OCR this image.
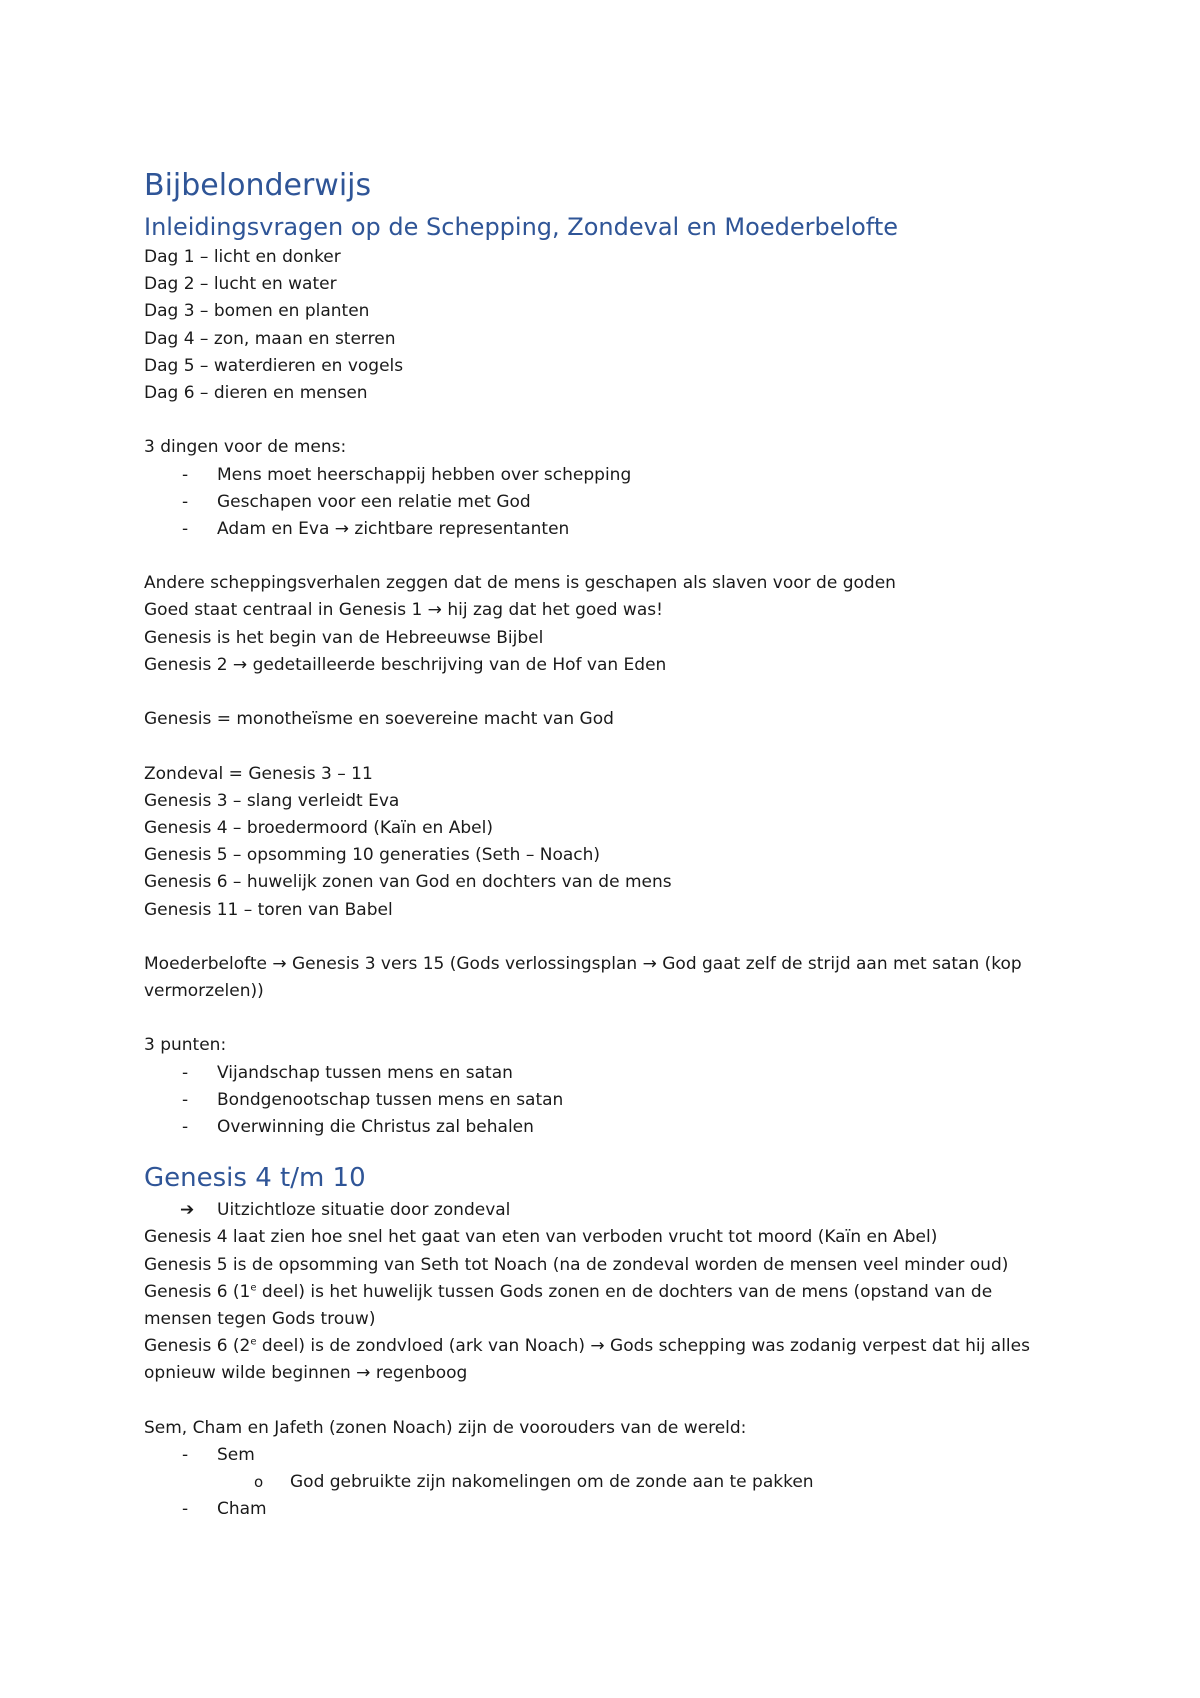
Bijbelonderwijs
Inleidingsvragen op de Schepping, Zondeval en Moederbelofte
Dag 1 – licht en donker
Dag 2 – lucht en water
Dag 3 – bomen en planten
Dag 4 – zon, maan en sterren
Dag 5 – waterdieren en vogels
Dag 6 – dieren en mensen
3 dingen voor de mens:
- Mens moet heerschappij hebben over schepping
- Geschapen voor een relatie met God
- Adam en Eva → zichtbare representanten
Andere scheppingsverhalen zeggen dat de mens is geschapen als slaven voor de goden
Goed staat centraal in Genesis 1 → hij zag dat het goed was!
Genesis is het begin van de Hebreeuwse Bijbel
Genesis 2 → gedetailleerde beschrijving van de Hof van Eden
Genesis = monotheïsme en soevereine macht van God
Zondeval = Genesis 3 – 11
Genesis 3 – slang verleidt Eva
Genesis 4 – broedermoord (Kaïn en Abel)
Genesis 5 – opsomming 10 generaties (Seth – Noach)
Genesis 6 – huwelijk zonen van God en dochters van de mens
Genesis 11 – toren van Babel
Moederbelofte → Genesis 3 vers 15 (Gods verlossingsplan → God gaat zelf de strijd aan met satan (kop vermorzelen))
3 punten:
- Vijandschap tussen mens en satan
- Bondgenootschap tussen mens en satan
- Overwinning die Christus zal behalen
Genesis 4 t/m 10
➔ Uitzichtloze situatie door zondeval
Genesis 4 laat zien hoe snel het gaat van eten van verboden vrucht tot moord (Kaïn en Abel)
Genesis 5 is de opsomming van Seth tot Noach (na de zondeval worden de mensen veel minder oud)
Genesis 6 (1e deel) is het huwelijk tussen Gods zonen en de dochters van de mens (opstand van de mensen tegen Gods trouw)
Genesis 6 (2e deel) is de zondvloed (ark van Noach) → Gods schepping was zodanig verpest dat hij alles opnieuw wilde beginnen → regenboog
Sem, Cham en Jafeth (zonen Noach) zijn de voorouders van de wereld:
- Sem
o God gebruikte zijn nakomelingen om de zonde aan te pakken
- Cham
